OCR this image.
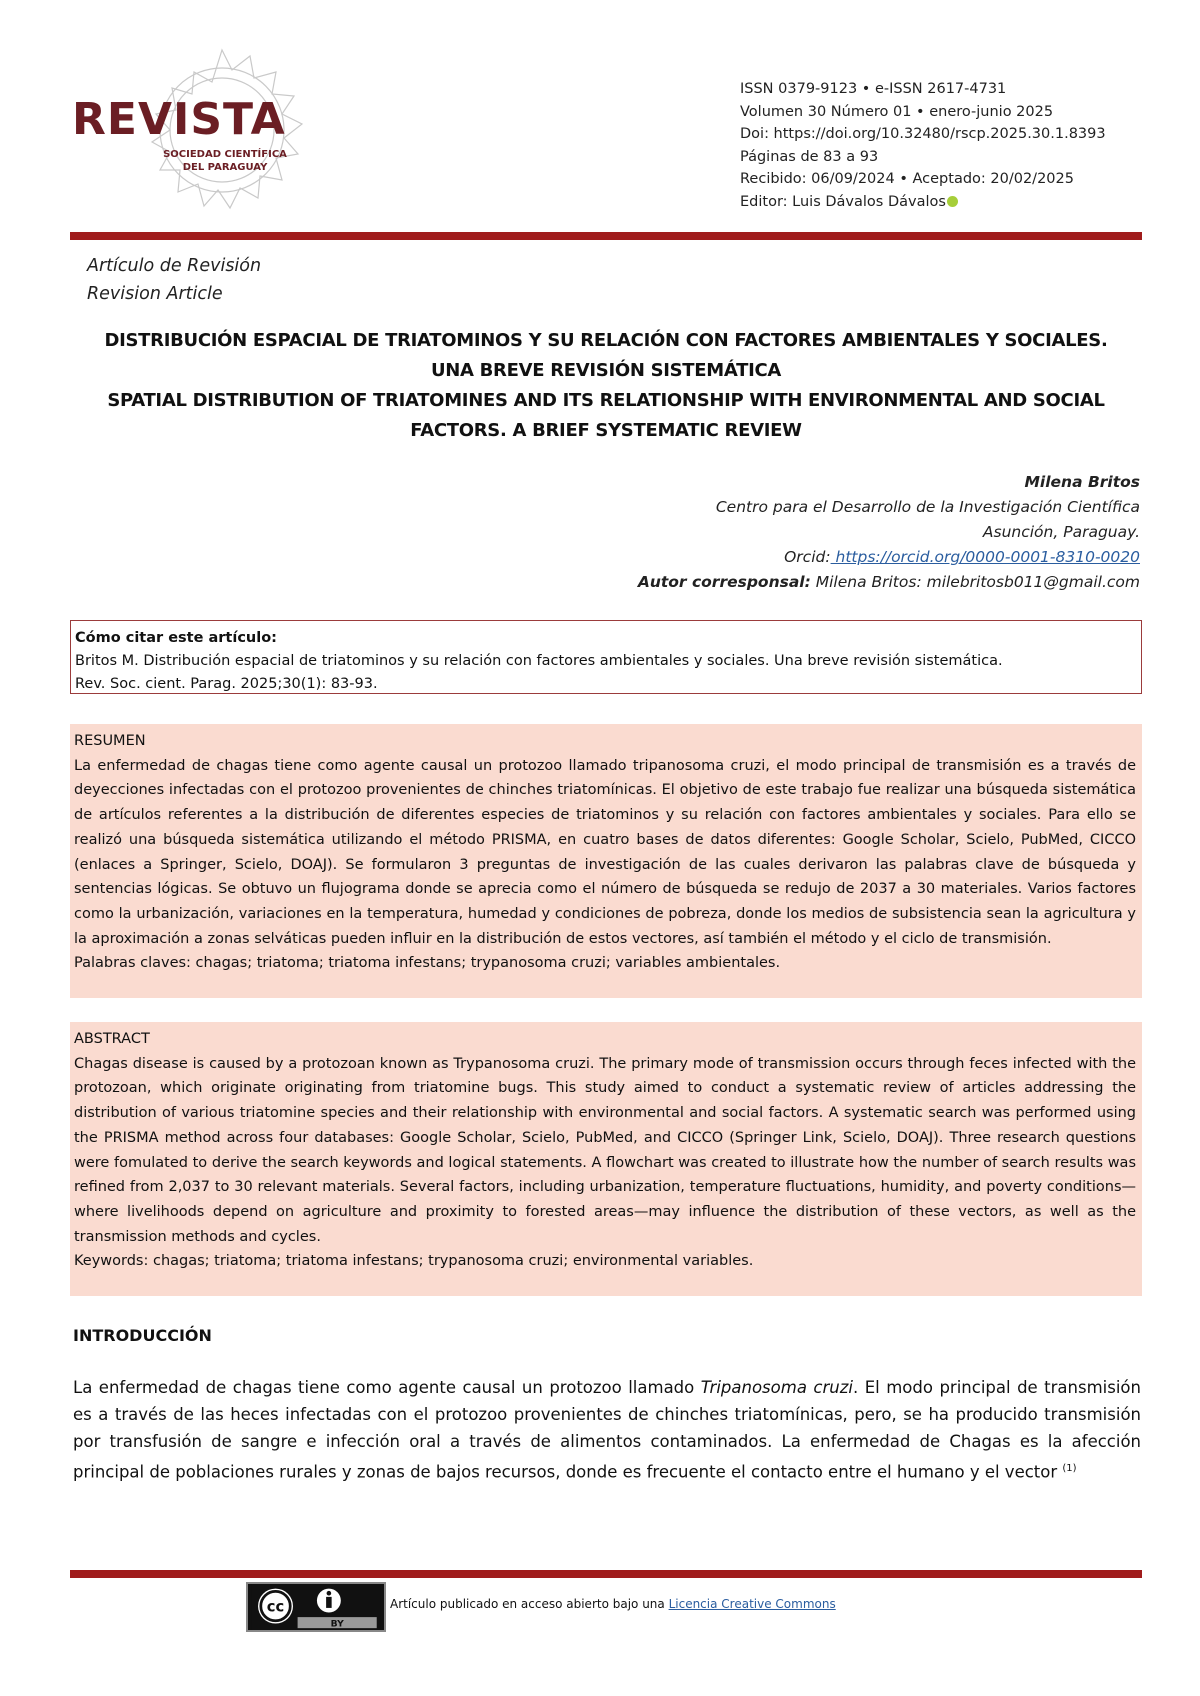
REVISTA
SOCIEDAD CIENTÍFICA
DEL PARAGUAY
ISSN 0379-9123 • e-ISSN 2617-4731
Volumen 30 Número 01 • enero-junio 2025
Doi: https://doi.org/10.32480/rscp.2025.30.1.8393
Páginas de 83 a 93
Recibido: 06/09/2024 • Aceptado: 20/02/2025
Editor: Luis Dávalos Dávalos
Artículo de Revisión
Revision Article
DISTRIBUCIÓN ESPACIAL DE TRIATOMINOS Y SU RELACIÓN CON FACTORES AMBIENTALES Y SOCIALES.
UNA BREVE REVISIÓN SISTEMÁTICA
SPATIAL DISTRIBUTION OF TRIATOMINES AND ITS RELATIONSHIP WITH ENVIRONMENTAL AND SOCIAL
FACTORS. A BRIEF SYSTEMATIC REVIEW
Milena Britos
Centro para el Desarrollo de la Investigación Científica
Asunción, Paraguay.
Orcid: https://orcid.org/0000-0001-8310-0020
Autor corresponsal: Milena Britos: milebritosb011@gmail.com
Cómo citar este artículo:
Britos M. Distribución espacial de triatominos y su relación con factores ambientales y sociales. Una breve revisión sistemática.
Rev. Soc. cient. Parag. 2025;30(1): 83-93.
RESUMEN
La enfermedad de chagas tiene como agente causal un protozoo llamado tripanosoma cruzi, el modo principal de transmisión es a través de deyecciones infectadas con el protozoo provenientes de chinches triatomínicas. El objetivo de este trabajo fue realizar una búsqueda sistemática de artículos referentes a la distribución de diferentes especies de triatominos y su relación con factores ambientales y sociales. Para ello se realizó una búsqueda sistemática utilizando el método PRISMA, en cuatro bases de datos diferentes: Google Scholar, Scielo, PubMed, CICCO (enlaces a Springer, Scielo, DOAJ). Se formularon 3 preguntas de investigación de las cuales derivaron las palabras clave de búsqueda y sentencias lógicas. Se obtuvo un flujograma donde se aprecia como el número de búsqueda se redujo de 2037 a 30 materiales. Varios factores como la urbanización, variaciones en la temperatura, humedad y condiciones de pobreza, donde los medios de subsistencia sean la agricultura y la aproximación a zonas selváticas pueden influir en la distribución de estos vectores, así también el método y el ciclo de transmisión.
Palabras claves: chagas; triatoma; triatoma infestans; trypanosoma cruzi; variables ambientales.
ABSTRACT
Chagas disease is caused by a protozoan known as Trypanosoma cruzi. The primary mode of transmission occurs through feces infected with the protozoan, which originate originating from triatomine bugs. This study aimed to conduct a systematic review of articles addressing the distribution of various triatomine species and their relationship with environmental and social factors. A systematic search was performed using the PRISMA method across four databases: Google Scholar, Scielo, PubMed, and CICCO (Springer Link, Scielo, DOAJ). Three research questions were fomulated to derive the search keywords and logical statements. A flowchart was created to illustrate how the number of search results was refined from 2,037 to 30 relevant materials. Several factors, including urbanization, temperature fluctuations, humidity, and poverty conditions—where livelihoods depend on agriculture and proximity to forested areas—may influence the distribution of these vectors, as well as the transmission methods and cycles.
Keywords: chagas; triatoma; triatoma infestans; trypanosoma cruzi; environmental variables.
INTRODUCCIÓN
La enfermedad de chagas tiene como agente causal un protozoo llamado Tripanosoma cruzi. El modo principal de transmisión es a través de las heces infectadas con el protozoo provenientes de chinches triatomínicas, pero, se ha producido transmisión por transfusión de sangre e infección oral a través de alimentos contaminados. La enfermedad de Chagas es la afección principal de poblaciones rurales y zonas de bajos recursos, donde es frecuente el contacto entre el humano y el vector $^{(1)}$
cc
BY
Artículo publicado en acceso abierto bajo una Licencia Creative Commons
